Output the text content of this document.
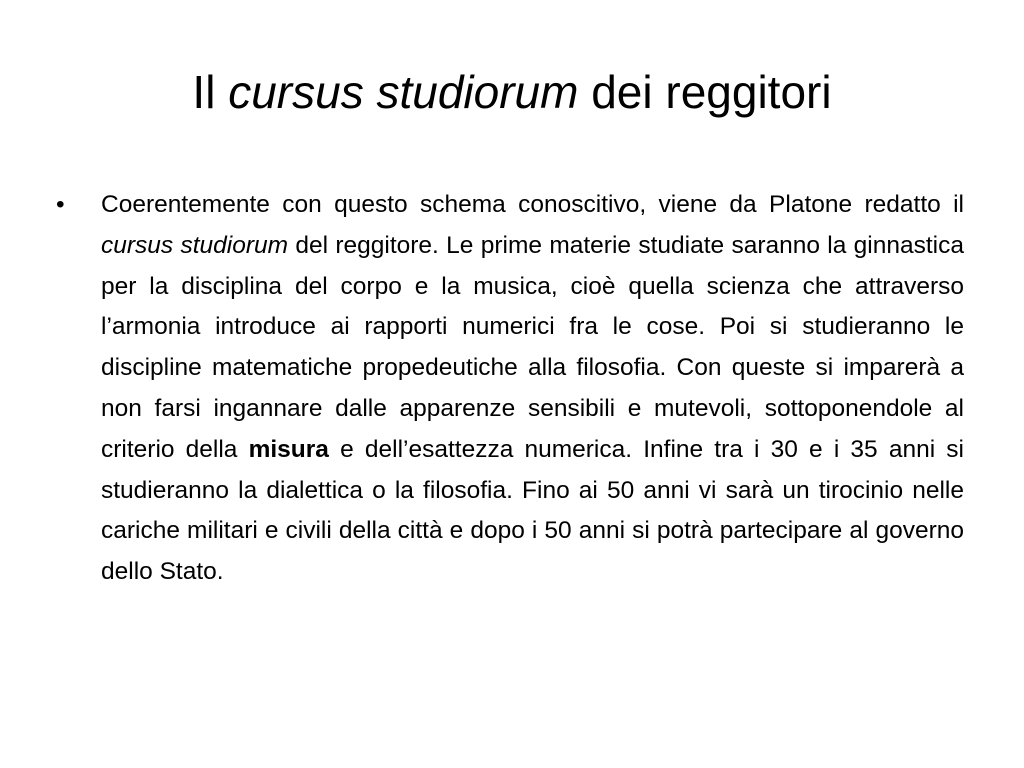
Il cursus studiorum dei reggitori
•	Coerentemente con questo schema conoscitivo, viene da Platone redatto il cursus studiorum del reggitore. Le prime materie studiate saranno la ginnastica per la disciplina del corpo e la musica, cioè quella scienza che attraverso l’armonia introduce ai rapporti numerici fra le cose. Poi si studieranno le discipline matematiche propedeutiche alla filosofia. Con queste si imparerà a non farsi ingannare dalle apparenze sensibili e mutevoli, sottoponendole al criterio della misura e dell’esattezza numerica. Infine tra i 30 e i 35 anni si studieranno la dialettica o la filosofia. Fino ai 50 anni vi sarà un tirocinio nelle cariche militari e civili della città e dopo i 50 anni si potrà partecipare al governo dello Stato.
